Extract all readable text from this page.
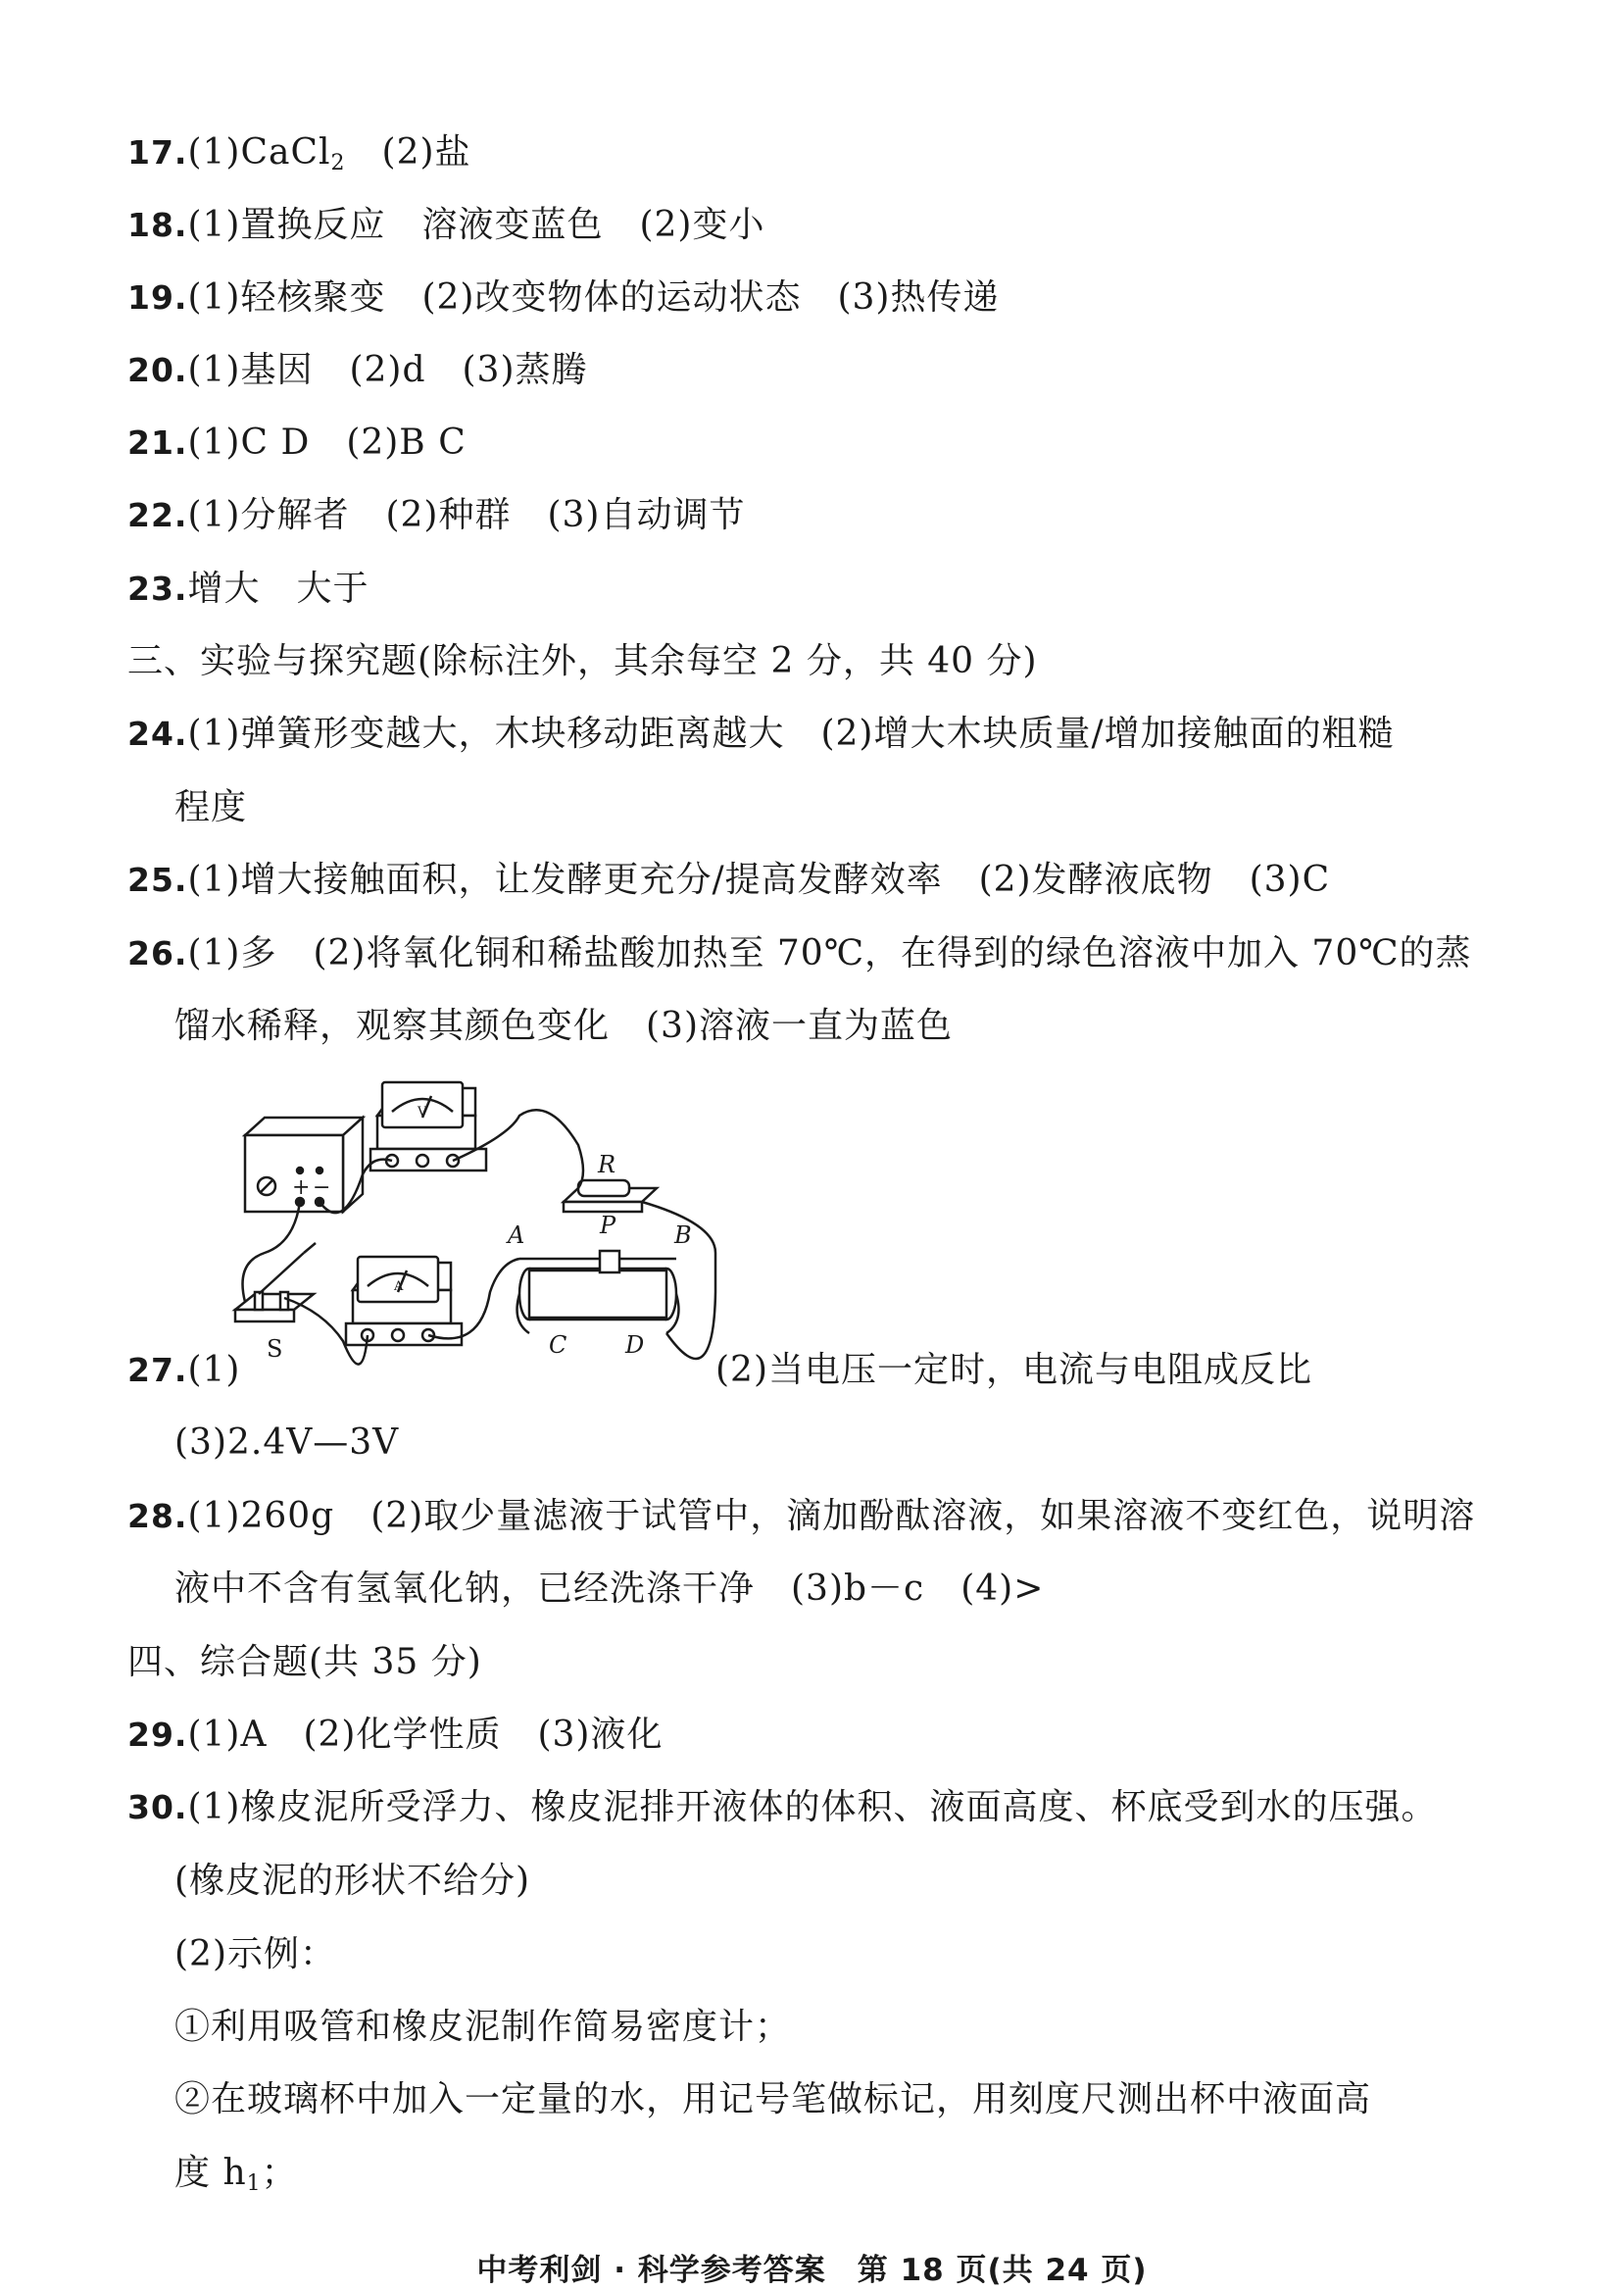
17.(1)CaCl$_2$　(2)盐
18.(1)置换反应　溶液变蓝色　(2)变小
19.(1)轻核聚变　(2)改变物体的运动状态　(3)热传递
20.(1)基因　(2)d　(3)蒸腾
21.(1)C D　(2)B C
22.(1)分解者　(2)种群　(3)自动调节
23.增大　大于
三、实验与探究题(除标注外，其余每空 2 分，共 40 分)
24.(1)弹簧形变越大，木块移动距离越大　(2)增大木块质量/增加接触面的粗糙
程度
25.(1)增大接触面积，让发酵更充分/提高发酵效率　(2)发酵液底物　(3)C
26.(1)多　(2)将氧化铜和稀盐酸加热至 70℃，在得到的绿色溶液中加入 70℃的蒸
馏水稀释，观察其颜色变化　(3)溶液一直为蓝色
+ −
V
R
S
A
A	P B
C D
27.(1)	(2)当电压一定时，电流与电阻成反比
(3)2.4V—3V
28.(1)260g　(2)取少量滤液于试管中，滴加酚酞溶液，如果溶液不变红色，说明溶
液中不含有氢氧化钠，已经洗涤干净　(3)b－c　(4)>
四、综合题(共 35 分)
29.(1)A　(2)化学性质　(3)液化
30.(1)橡皮泥所受浮力、橡皮泥排开液体的体积、液面高度、杯底受到水的压强。
(橡皮泥的形状不给分)
(2)示例：
①利用吸管和橡皮泥制作简易密度计；
②在玻璃杯中加入一定量的水，用记号笔做标记，用刻度尺测出杯中液面高
度 $h_1$；
中考利剑 · 科学参考答案　第 18 页(共 24 页)
